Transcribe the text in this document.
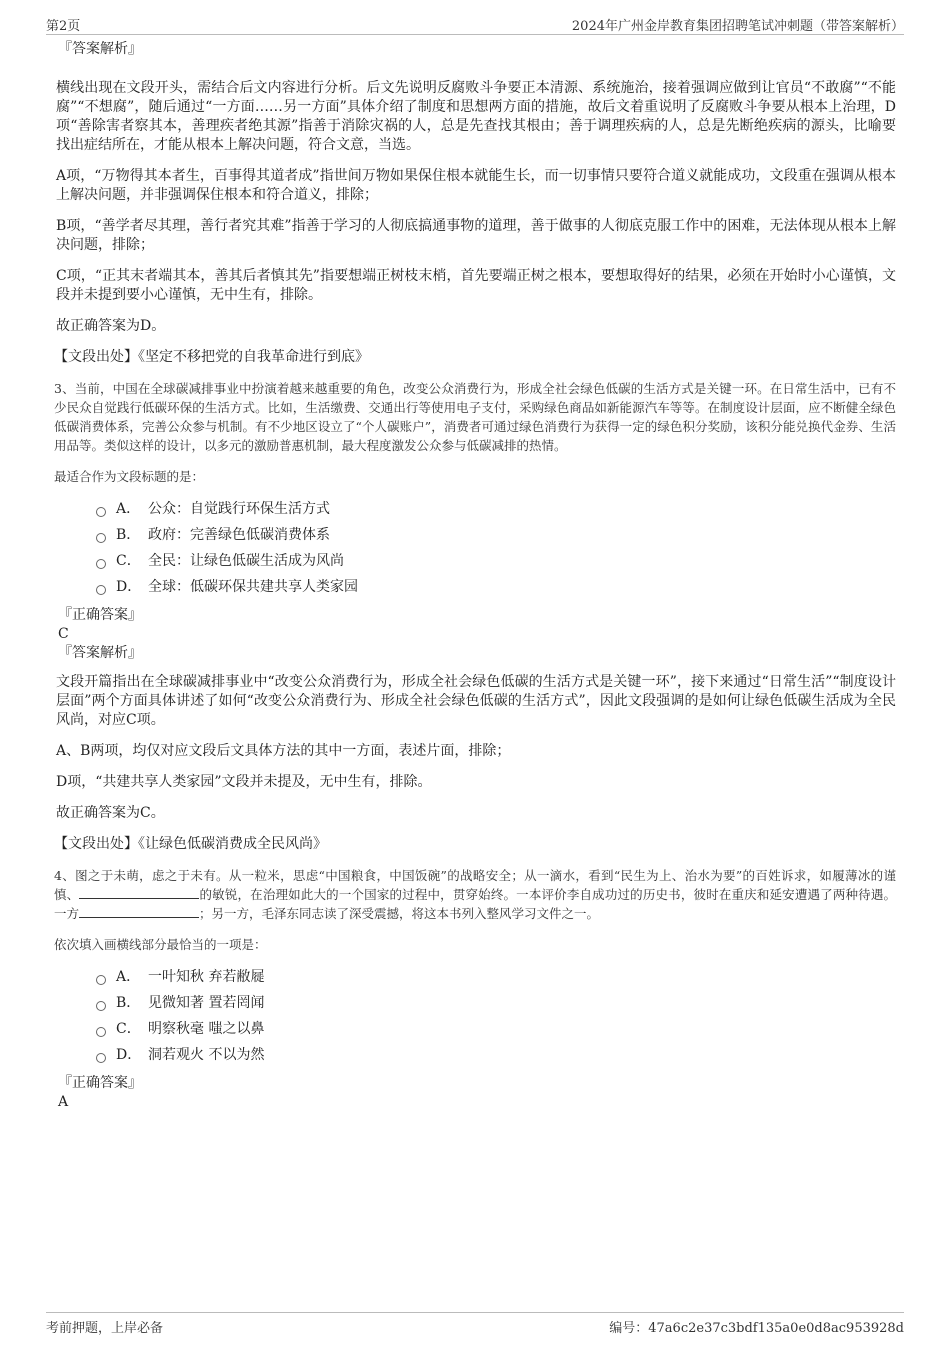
第2页	2024年广州金岸教育集团招聘笔试冲刺题（带答案解析）

『答案解析』

横线出现在文段开头，需结合后文内容进行分析。后文先说明反腐败斗争要正本清源、系统施治，接着强调应做到让官员“不敢腐”“不能腐”“不想腐”，随后通过“一方面……另一方面”具体介绍了制度和思想两方面的措施，故后文着重说明了反腐败斗争要从根本上治理，D项“善除害者察其本，善理疾者绝其源”指善于消除灾祸的人，总是先查找其根由；善于调理疾病的人，总是先断绝疾病的源头，比喻要找出症结所在，才能从根本上解决问题，符合文意，当选。

A项，“万物得其本者生，百事得其道者成”指世间万物如果保住根本就能生长，而一切事情只要符合道义就能成功，文段重在强调从根本上解决问题，并非强调保住根本和符合道义，排除；

B项，“善学者尽其理，善行者究其难”指善于学习的人彻底搞通事物的道理，善于做事的人彻底克服工作中的困难，无法体现从根本上解决问题，排除；

C项，“正其末者端其本，善其后者慎其先”指要想端正树枝末梢，首先要端正树之根本，要想取得好的结果，必须在开始时小心谨慎，文段并未提到要小心谨慎，无中生有，排除。

故正确答案为D。

【文段出处】《坚定不移把党的自我革命进行到底》

3、当前，中国在全球碳减排事业中扮演着越来越重要的角色，改变公众消费行为，形成全社会绿色低碳的生活方式是关键一环。在日常生活中，已有不少民众自觉践行低碳环保的生活方式。比如，生活缴费、交通出行等使用电子支付，采购绿色商品如新能源汽车等等。在制度设计层面，应不断健全绿色低碳消费体系，完善公众参与机制。有不少地区设立了“个人碳账户”，消费者可通过绿色消费行为获得一定的绿色积分奖励，该积分能兑换代金券、生活用品等。类似这样的设计，以多元的激励普惠机制，最大程度激发公众参与低碳减排的热情。

最适合作为文段标题的是：

A． 公众：自觉践行环保生活方式
B． 政府：完善绿色低碳消费体系
C． 全民：让绿色低碳生活成为风尚
D． 全球：低碳环保共建共享人类家园

『正确答案』

C

『答案解析』

文段开篇指出在全球碳减排事业中“改变公众消费行为，形成全社会绿色低碳的生活方式是关键一环”，接下来通过“日常生活”“制度设计层面”两个方面具体讲述了如何“改变公众消费行为、形成全社会绿色低碳的生活方式”，因此文段强调的是如何让绿色低碳生活成为全民风尚，对应C项。

A、B两项，均仅对应文段后文具体方法的其中一方面，表述片面，排除；

D项，“共建共享人类家园”文段并未提及，无中生有，排除。

故正确答案为C。

【文段出处】《让绿色低碳消费成全民风尚》

4、图之于未萌，虑之于未有。从一粒米，思虑“中国粮食，中国饭碗”的战略安全；从一滴水，看到“民生为上、治水为要”的百姓诉求，如履薄冰的谨慎、	的敏锐，在治理如此大的一个国家的过程中，贯穿始终。一本评价李自成功过的历史书，彼时在重庆和延安遭遇了两种待遇。一方	；另一方，毛泽东同志读了深受震撼，将这本书列入整风学习文件之一。

依次填入画横线部分最恰当的一项是：

A． 一叶知秋 弃若敝屣
B． 见微知著 置若罔闻
C． 明察秋毫 嗤之以鼻
D． 洞若观火 不以为然

『正确答案』

A

考前押题，上岸必备	编号：47a6c2e37c3bdf135a0e0d8ac953928d
